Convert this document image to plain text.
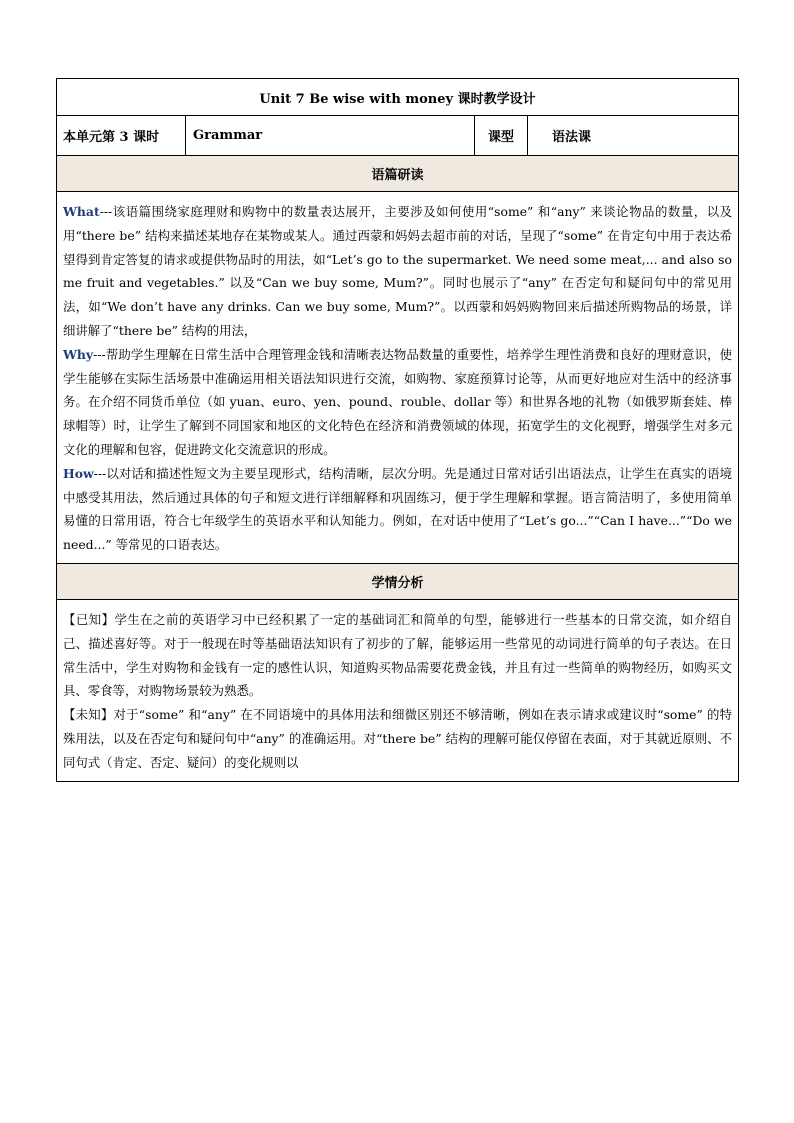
Unit 7 Be wise with money 课时教学设计
本单元第 3 课时	Grammar	课型	语法课
语篇研读

What---该语篇围绕家庭理财和购物中的数量表达展开，主要涉及如何使用“some” 和“any” 来谈论物品的数量，以及用“there be” 结构来描述某地存在某物或某人。通过西蒙和妈妈去超市前的对话，呈现了“some” 在肯定句中用于表达希望得到肯定答复的请求或提供物品时的用法，如“Let’s go to the supermarket. We need some meat,... and also some fruit and vegetables.” 以及“Can we buy some, Mum?”。同时也展示了“any” 在否定句和疑问句中的常见用法，如“We don’t have any drinks. Can we buy some, Mum?”。以西蒙和妈妈购物回来后描述所购物品的场景，详细讲解了“there be” 结构的用法，

Why---帮助学生理解在日常生活中合理管理金钱和清晰表达物品数量的重要性，培养学生理性消费和良好的理财意识，使学生能够在实际生活场景中准确运用相关语法知识进行交流，如购物、家庭预算讨论等，从而更好地应对生活中的经济事务。在介绍不同货币单位（如 yuan、euro、yen、pound、rouble、dollar 等）和世界各地的礼物（如俄罗斯套娃、棒球帽等）时，让学生了解到不同国家和地区的文化特色在经济和消费领域的体现，拓宽学生的文化视野，增强学生对多元文化的理解和包容，促进跨文化交流意识的形成。

How---以对话和描述性短文为主要呈现形式，结构清晰，层次分明。先是通过日常对话引出语法点，让学生在真实的语境中感受其用法，然后通过具体的句子和短文进行详细解释和巩固练习，便于学生理解和掌握。语言简洁明了，多使用简单易懂的日常用语，符合七年级学生的英语水平和认知能力。例如，在对话中使用了“Let’s go...”“Can I have...”“Do we need...” 等常见的口语表达。

学情分析

【已知】学生在之前的英语学习中已经积累了一定的基础词汇和简单的句型，能够进行一些基本的日常交流，如介绍自己、描述喜好等。对于一般现在时等基础语法知识有了初步的了解，能够运用一些常见的动词进行简单的句子表达。在日常生活中，学生对购物和金钱有一定的感性认识，知道购买物品需要花费金钱，并且有过一些简单的购物经历，如购买文具、零食等，对购物场景较为熟悉。

【未知】对于“some” 和“any” 在不同语境中的具体用法和细微区别还不够清晰，例如在表示请求或建议时“some” 的特殊用法，以及在否定句和疑问句中“any” 的准确运用。对“there be” 结构的理解可能仅停留在表面，对于其就近原则、不同句式（肯定、否定、疑问）的变化规则以
